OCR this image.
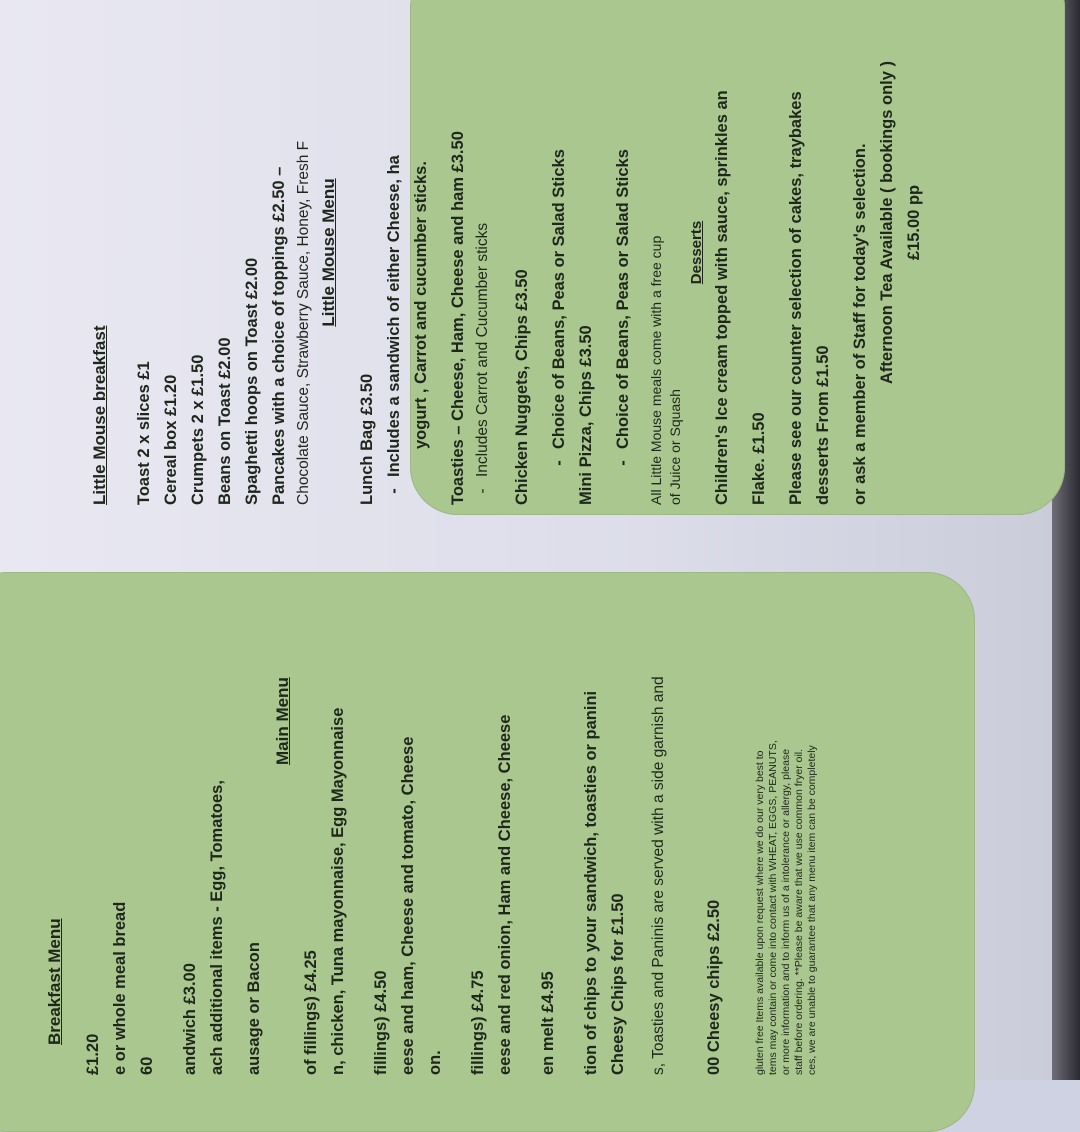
Little Mouse breakfast	Toast 2 x slices £1 Cereal box £1.20 Crumpets 2 x £1.50 Beans on Toast £2.00 Spaghetti hoops on Toast £2.00 Pancakes with a choice of toppings £2.50 – Chocolate Sauce, Strawberry Sauce, Honey, Fresh F Little Mouse Menu
Lunch Bag £3.50 - Includes a sandwich of either Cheese, ha yogurt , Carrot and cucumber sticks.	Toasties – Cheese, Ham, Cheese and ham £3.50 - Includes Carrot and Cucumber sticks Chicken Nuggets, Chips £3.50	- Choice of Beans, Peas or Salad Sticks Mini Pizza, Chips £3.50	- Choice of Beans, Peas or Salad Sticks	All Little Mouse meals come with a free cup of Juice or Squash
Desserts Children's Ice cream topped with sauce, sprinkles an	Flake. £1.50	Please see our counter selection of cakes, traybakes desserts From £1.50	or ask a member of Staff for today's selection. Afternoon Tea Available ( bookings only ) £15.00 pp
Breakfast Menu
£1.20 e or whole meal bread 60	andwich £3.00 ach additional items - Egg, Tomatoes,	ausage or Bacon
Main Menu
of fillings) £4.25 n, chicken, Tuna mayonnaise, Egg Mayonnaise	fillings) £4.50 eese and ham, Cheese and tomato, Cheese on.	fillings) £4.75 eese and red onion, Ham and Cheese, Cheese	en melt £4.95	tion of chips to your sandwich, toasties or panini Cheesy Chips for £1.50	s, Toasties and Paninis are served with a side garnish and 00 Cheesy chips £2.50	gluten free Items available upon request where we do our very best to tems may contain or come into contact with WHEAT, EGGS, PEANUTS, or more information and to inform us of a intolerance or allergy, please staff before ordering. **Please be aware that we use common fryer oil. ces, we are unable to guarantee that any menu item can be completely
